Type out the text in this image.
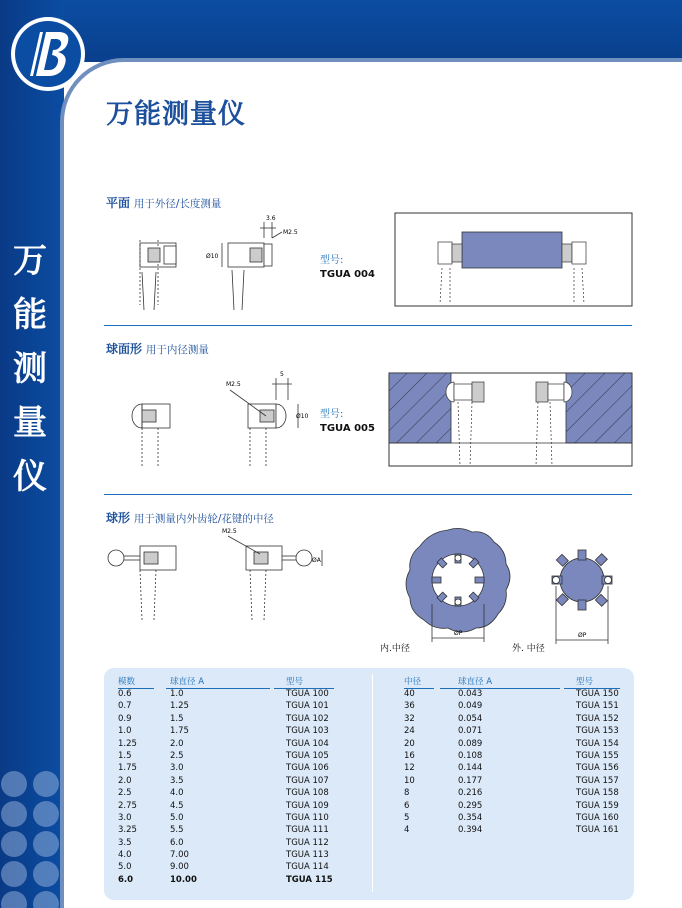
万
能
测
量
仪
万能测量仪
平面 用于外径/长度测量
3.6
M2.5
Ø10	型号:
TGUA 004
球面形 用于内径测量
M2.5
5
Ø10 型号:
TGUA 005
球形 用于测量内外齿轮/花键的中径
M2.5
ØA
ØP	ØP
内.中径	外. 中径
模数	球直径 A	型号
0.6	1.0	TGUA 100
0.7	1.25	TGUA 101
0.9	1.5	TGUA 102
1.0	1.75	TGUA 103
1.25	2.0	TGUA 104
1.5	2.5	TGUA 105
1.75	3.0	TGUA 106
2.0	3.5	TGUA 107
2.5	4.0	TGUA 108
2.75	4.5	TGUA 109
3.0	5.0	TGUA 110
3.25	5.5	TGUA 111
3.5	6.0	TGUA 112
4.0	7.00	TGUA 113
5.0	9.00	TGUA 114
6.0	10.00	TGUA 115
中径	球直径 A	型号
40	0.043	TGUA 150
36	0.049	TGUA 151
32	0.054	TGUA 152
24	0.071	TGUA 153
20	0.089	TGUA 154
16	0.108	TGUA 155
12	0.144	TGUA 156
10	0.177	TGUA 157
8	0.216	TGUA 158
6	0.295	TGUA 159
5	0.354	TGUA 160
4	0.394	TGUA 161
